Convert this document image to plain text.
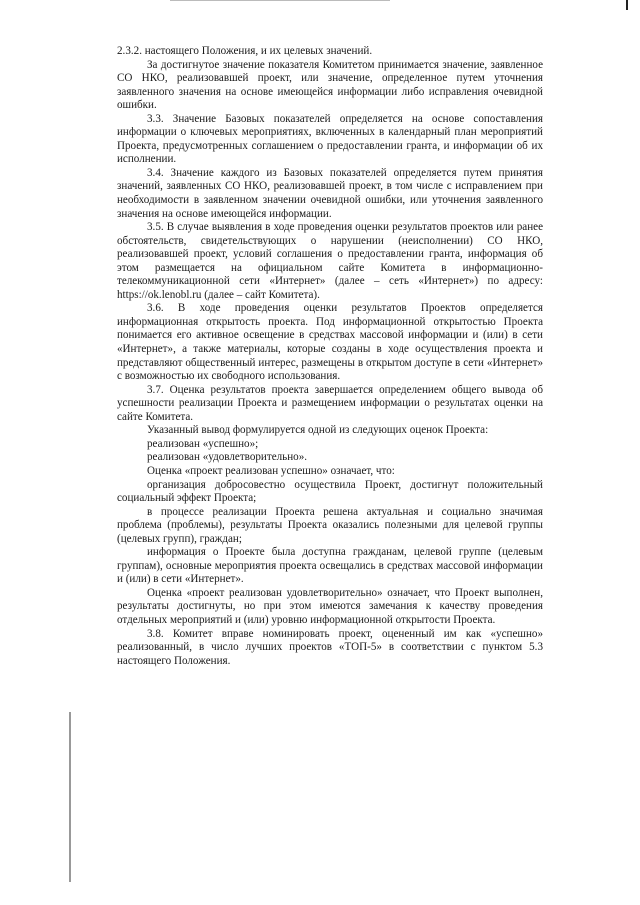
2.3.2. настоящего Положения, и их целевых значений.

За достигнутое значение показателя Комитетом принимается значение, заявленное СО НКО, реализовавшей проект, или значение, определенное путем уточнения заявленного значения на основе имеющейся информации либо исправления очевидной ошибки.

3.3. Значение Базовых показателей определяется на основе сопоставления информации о ключевых мероприятиях, включенных в календарный план мероприятий Проекта, предусмотренных соглашением о предоставлении гранта, и информации об их исполнении.

3.4. Значение каждого из Базовых показателей определяется путем принятия значений, заявленных СО НКО, реализовавшей проект, в том числе с исправлением при необходимости в заявленном значении очевидной ошибки, или уточнения заявленного значения на основе имеющейся информации.

3.5. В случае выявления в ходе проведения оценки результатов проектов или ранее обстоятельств, свидетельствующих о нарушении (неисполнении) СО НКО, реализовавшей проект, условий соглашения о предоставлении гранта, информация об этом размещается на официальном сайте Комитета в информационно-телекоммуникационной сети «Интернет» (далее – сеть «Интернет») по адресу: https://ok.lenobl.ru (далее – сайт Комитета).

3.6. В ходе проведения оценки результатов Проектов определяется информационная открытость проекта. Под информационной открытостью Проекта понимается его активное освещение в средствах массовой информации и (или) в сети «Интернет», а также материалы, которые созданы в ходе осуществления проекта и представляют общественный интерес, размещены в открытом доступе в сети «Интернет» с возможностью их свободного использования.

3.7. Оценка результатов проекта завершается определением общего вывода об успешности реализации Проекта и размещением информации о результатах оценки на сайте Комитета.

Указанный вывод формулируется одной из следующих оценок Проекта:

реализован «успешно»;

реализован «удовлетворительно».

Оценка «проект реализован успешно» означает, что:

организация добросовестно осуществила Проект, достигнут положительный социальный эффект Проекта;

в процессе реализации Проекта решена актуальная и социально значимая проблема (проблемы), результаты Проекта оказались полезными для целевой группы (целевых групп), граждан;

информация о Проекте была доступна гражданам, целевой группе (целевым группам), основные мероприятия проекта освещались в средствах массовой информации и (или) в сети «Интернет».

Оценка «проект реализован удовлетворительно» означает, что Проект выполнен, результаты достигнуты, но при этом имеются замечания к качеству проведения отдельных мероприятий и (или) уровню информационной открытости Проекта.

3.8. Комитет вправе номинировать проект, оцененный им как «успешно» реализованный, в число лучших проектов «ТОП-5» в соответствии с пунктом 5.3 настоящего Положения.
